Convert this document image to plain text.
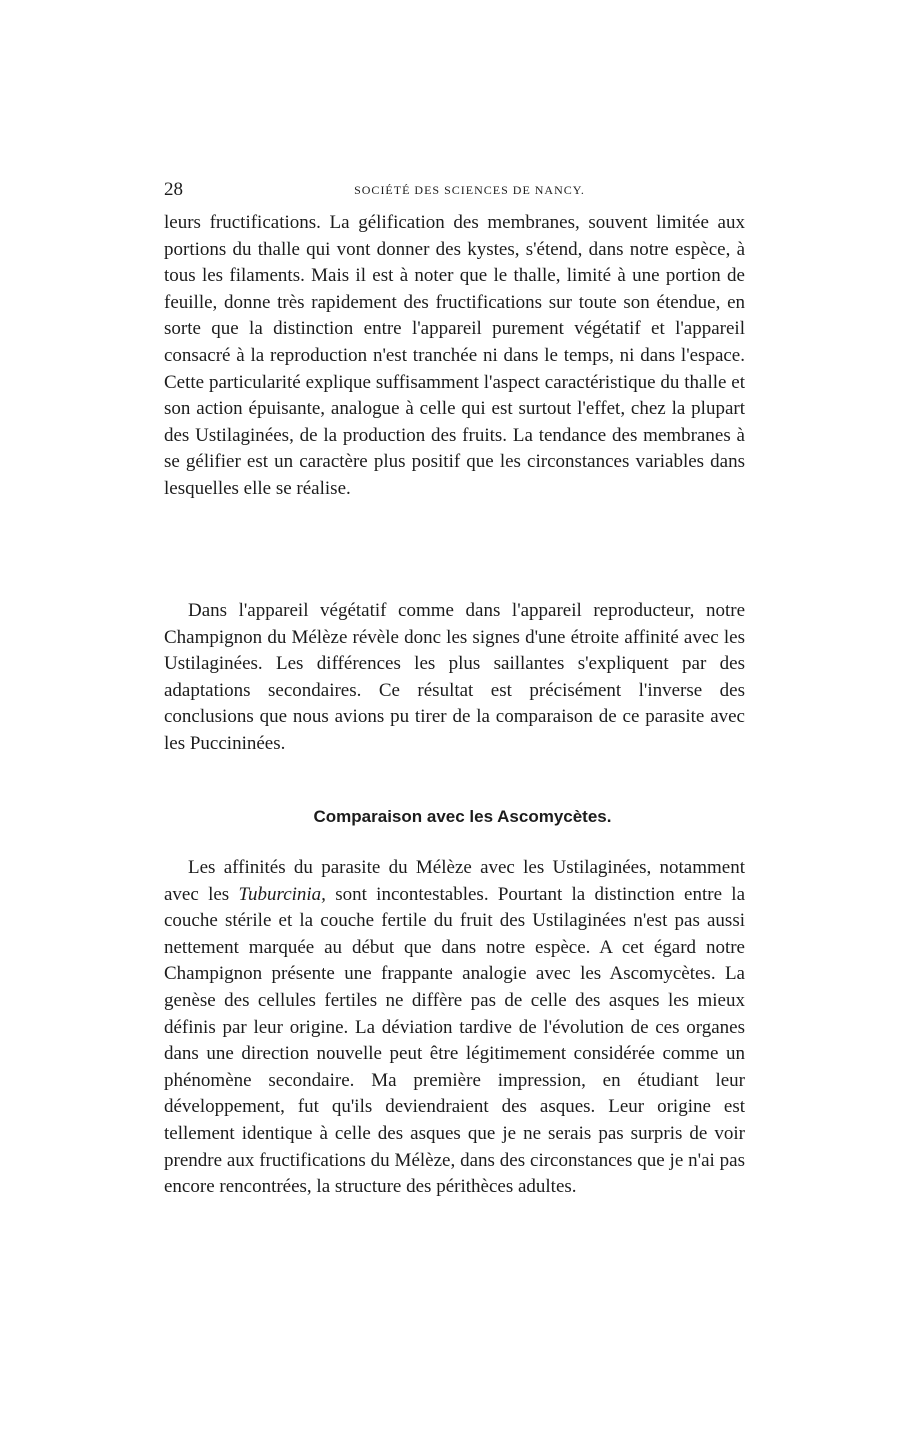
28	SOCIÉTÉ DES SCIENCES DE NANCY.

leurs fructifications. La gélification des membranes, souvent limitée aux portions du thalle qui vont donner des kystes, s'étend, dans notre espèce, à tous les filaments. Mais il est à noter que le thalle, limité à une portion de feuille, donne très rapidement des fructifications sur toute son étendue, en sorte que la distinction entre l'appareil purement végétatif et l'appareil consacré à la reproduction n'est tranchée ni dans le temps, ni dans l'espace. Cette particularité explique suffisamment l'aspect caractéristique du thalle et son action épuisante, analogue à celle qui est surtout l'effet, chez la plupart des Ustilaginées, de la production des fruits. La tendance des membranes à se gélifier est un caractère plus positif que les circonstances variables dans lesquelles elle se réalise.

Dans l'appareil végétatif comme dans l'appareil reproducteur, notre Champignon du Mélèze révèle donc les signes d'une étroite affinité avec les Ustilaginées. Les différences les plus saillantes s'expliquent par des adaptations secondaires. Ce résultat est précisément l'inverse des conclusions que nous avions pu tirer de la comparaison de ce parasite avec les Puccininées.

Comparaison avec les Ascomycètes.

Les affinités du parasite du Mélèze avec les Ustilaginées, notamment avec les Tuburcinia, sont incontestables. Pourtant la distinction entre la couche stérile et la couche fertile du fruit des Ustilaginées n'est pas aussi nettement marquée au début que dans notre espèce. A cet égard notre Champignon présente une frappante analogie avec les Ascomycètes. La genèse des cellules fertiles ne diffère pas de celle des asques les mieux définis par leur origine. La déviation tardive de l'évolution de ces organes dans une direction nouvelle peut être légitimement considérée comme un phénomène secondaire. Ma première impression, en étudiant leur développement, fut qu'ils deviendraient des asques. Leur origine est tellement identique à celle des asques que je ne serais pas surpris de voir prendre aux fructifications du Mélèze, dans des circonstances que je n'ai pas encore rencontrées, la structure des périthèces adultes.
